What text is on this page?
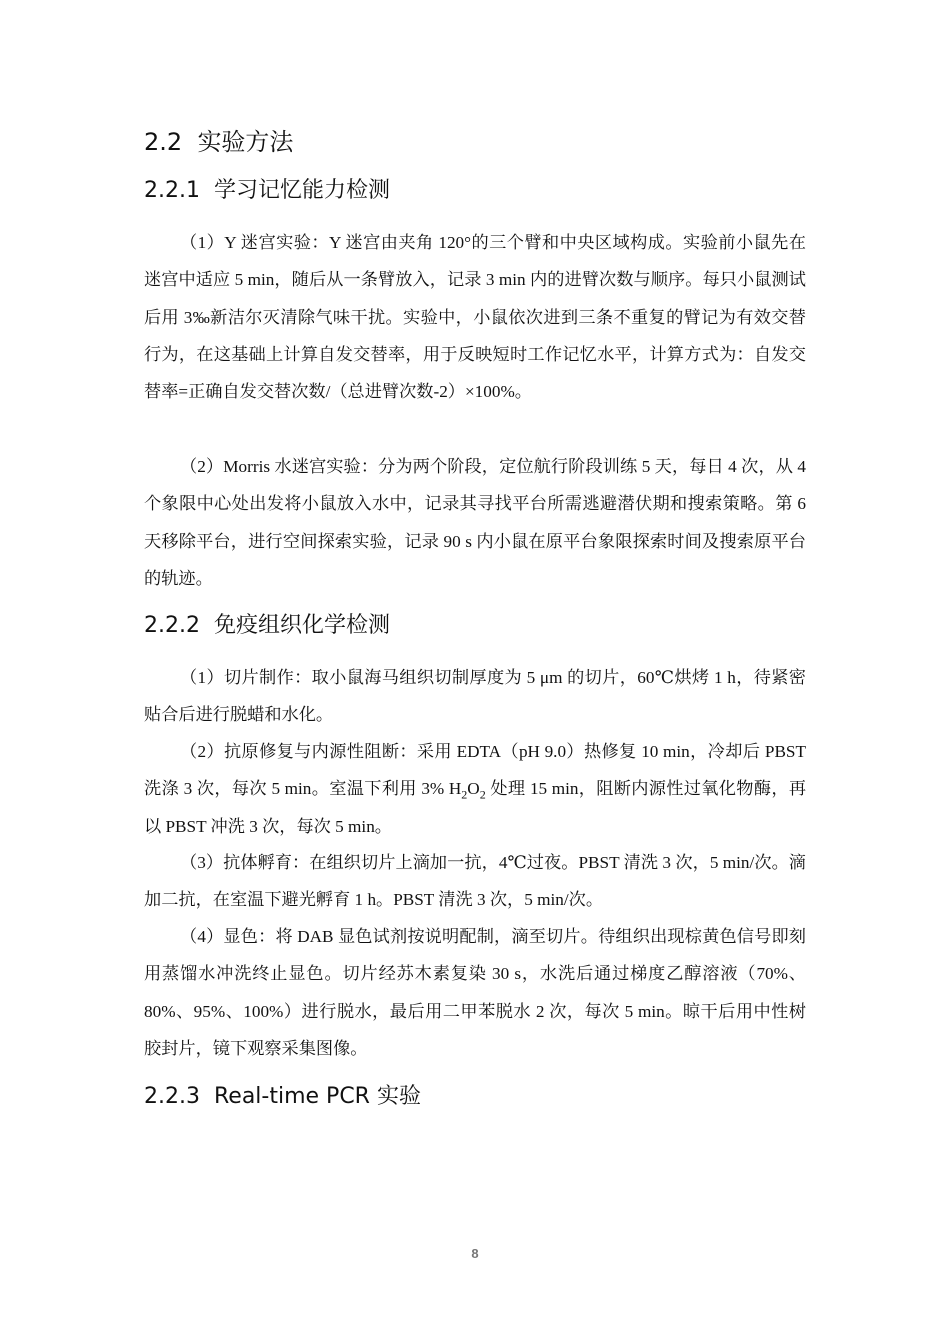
2.2 实验方法
2.2.1 学习记忆能力检测

（1）Y 迷宫实验：Y 迷宫由夹角 120°的三个臂和中央区域构成。实验前小鼠先在迷宫中适应 5 min，随后从一条臂放入，记录 3 min 内的进臂次数与顺序。每只小鼠测试后用 3‰新洁尔灭清除气味干扰。实验中，小鼠依次进到三条不重复的臂记为有效交替行为，在这基础上计算自发交替率，用于反映短时工作记忆水平，计算方式为：自发交替率=正确自发交替次数/（总进臂次数-2）×100%。

（2）Morris 水迷宫实验：分为两个阶段，定位航行阶段训练 5 天，每日 4 次，从 4 个象限中心处出发将小鼠放入水中，记录其寻找平台所需逃避潜伏期和搜索策略。第 6 天移除平台，进行空间探索实验，记录 90 s 内小鼠在原平台象限探索时间及搜索原平台的轨迹。

2.2.2 免疫组织化学检测

（1）切片制作：取小鼠海马组织切制厚度为 5 μm 的切片，60℃烘烤 1 h，待紧密贴合后进行脱蜡和水化。

（2）抗原修复与内源性阻断：采用 EDTA（pH 9.0）热修复 10 min，冷却后 PBST 洗涤 3 次，每次 5 min。室温下利用 3% $H_2O_2$ 处理 15 min，阻断内源性过氧化物酶，再以 PBST 冲洗 3 次，每次 5 min。

（3）抗体孵育：在组织切片上滴加一抗，4℃过夜。PBST 清洗 3 次，5 min/次。滴加二抗，在室温下避光孵育 1 h。PBST 清洗 3 次，5 min/次。

（4）显色：将 DAB 显色试剂按说明配制，滴至切片。待组织出现棕黄色信号即刻用蒸馏水冲洗终止显色。切片经苏木素复染 30 s，水洗后通过梯度乙醇溶液（70%、80%、95%、100%）进行脱水，最后用二甲苯脱水 2 次，每次 5 min。晾干后用中性树胶封片，镜下观察采集图像。

2.2.3 Real-time PCR 实验
8
